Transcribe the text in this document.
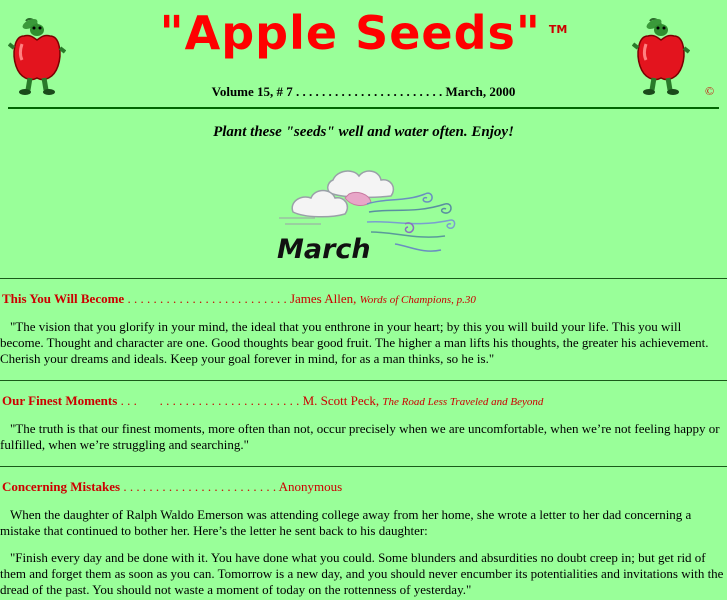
"Apple Seeds" ™
Volume 15, # 7 . . . . . . . . . . . . . . . . . . . . . . . March, 2000	©
Plant these "seeds" well and water often. Enjoy!
March
This You Will Become . . . . . . . . . . . . . . . . . . . . . . . . . James Allen, Words of Champions, p.30
"The vision that you glorify in your mind, the ideal that you enthrone in your heart; by this you will build your life. This you will become. Thought and character are one. Good thoughts bear good fruit. The higher a man lifts his thoughts, the greater his achievement. Cherish your dreams and ideals. Keep your goal forever in mind, for as a man thinks, so he is."
Our Finest Moments . . .       . . . . . . . . . . . . . . . . . . . . . . M. Scott Peck, The Road Less Traveled and Beyond
"The truth is that our finest moments, more often than not, occur precisely when we are uncomfortable, when we’re not feeling happy or fulfilled, when we’re struggling and searching."
Concerning Mistakes . . . . . . . . . . . . . . . . . . . . . . . . Anonymous
When the daughter of Ralph Waldo Emerson was attending college away from her home, she wrote a letter to her dad concerning a mistake that continued to bother her. Here’s the letter he sent back to his daughter:
"Finish every day and be done with it. You have done what you could. Some blunders and absurdities no doubt creep in; but get rid of them and forget them as soon as you can. Tomorrow is a new day, and you should never encumber its potentialities and invitations with the dread of the past. You should not waste a moment of today on the rottenness of yesterday."
